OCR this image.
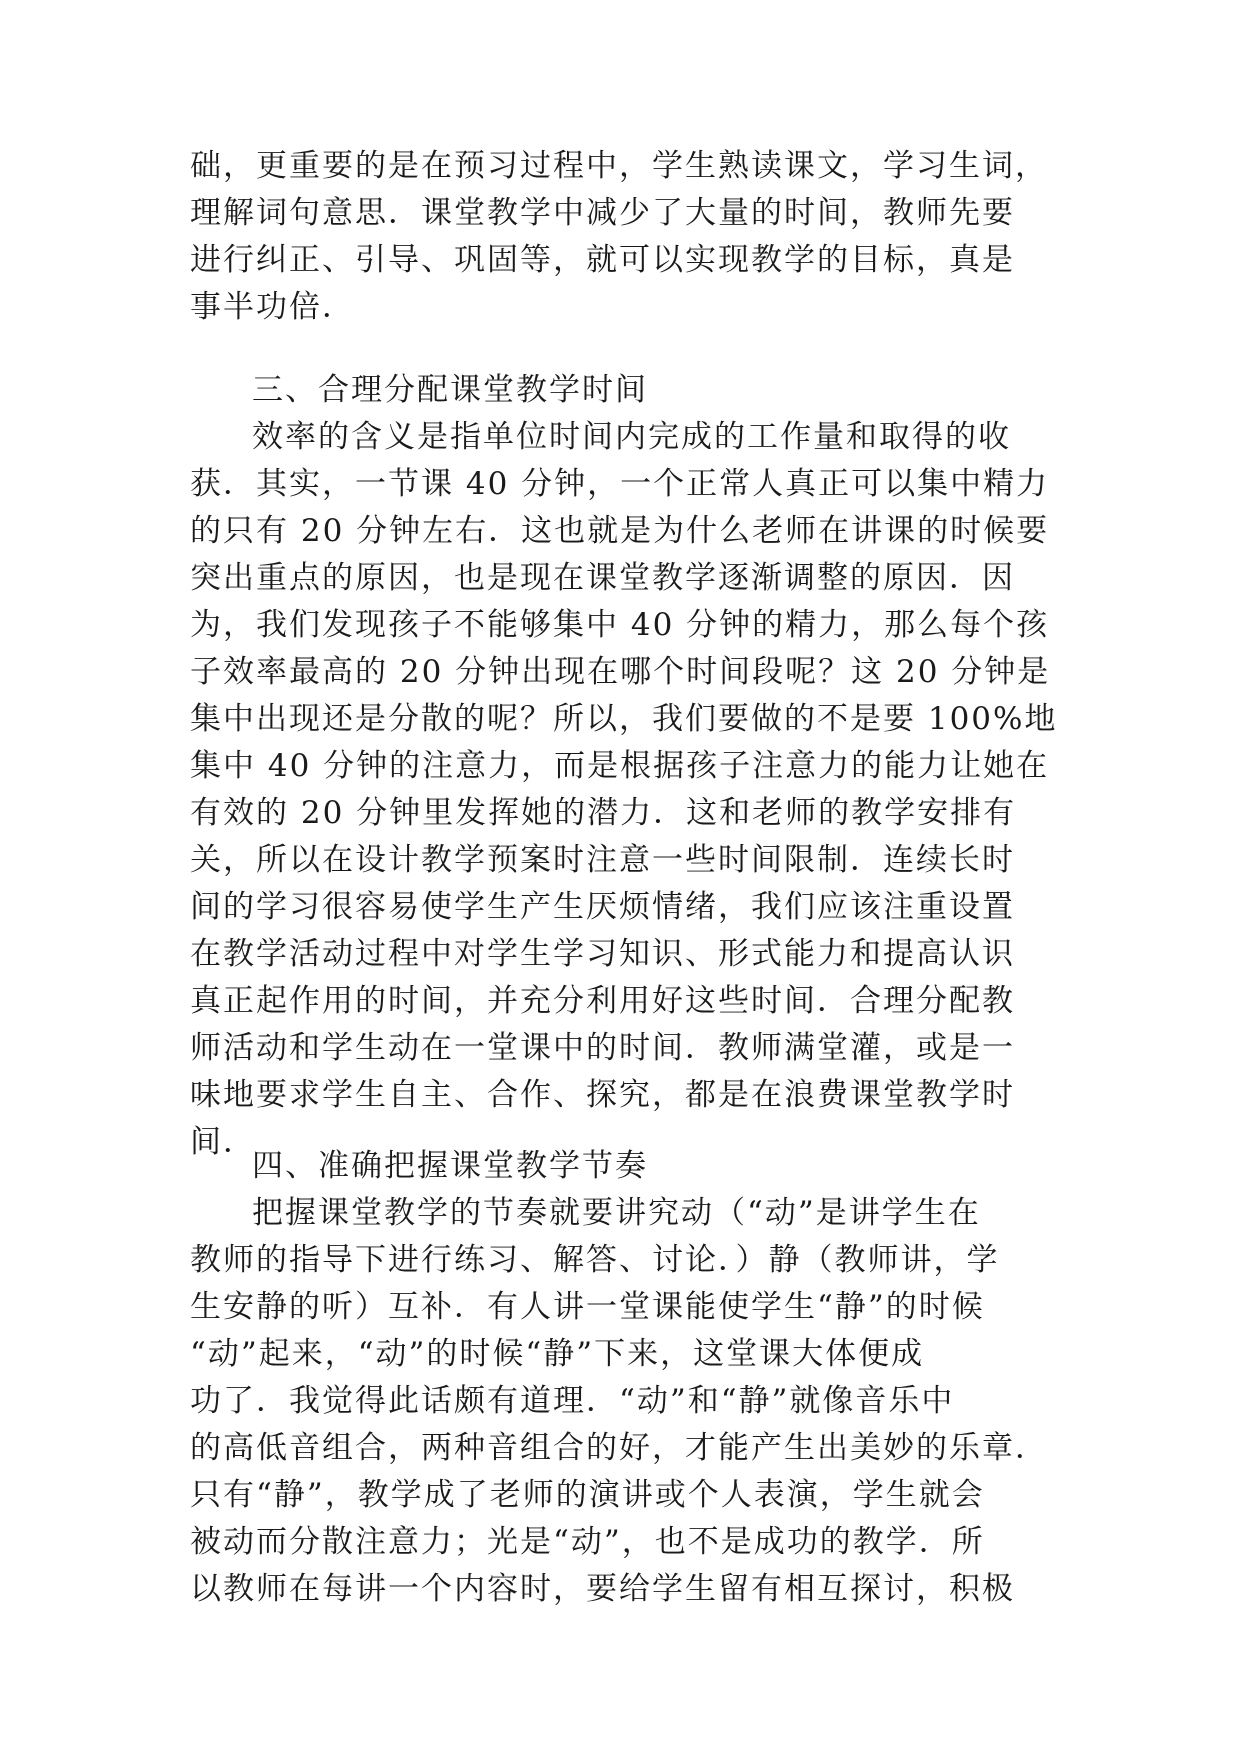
础，更重要的是在预习过程中，学生熟读课文，学习生词，
理解词句意思．课堂教学中减少了大量的时间，教师先要
进行纠正、引导、巩固等，就可以实现教学的目标，真是
事半功倍．
三、合理分配课堂教学时间
效率的含义是指单位时间内完成的工作量和取得的收
获．其实，一节课 40 分钟，一个正常人真正可以集中精力
的只有 20 分钟左右．这也就是为什么老师在讲课的时候要
突出重点的原因，也是现在课堂教学逐渐调整的原因．因
为，我们发现孩子不能够集中 40 分钟的精力，那么每个孩
子效率最高的 20 分钟出现在哪个时间段呢？这 20 分钟是
集中出现还是分散的呢？所以，我们要做的不是要 100%地
集中 40 分钟的注意力，而是根据孩子注意力的能力让她在
有效的 20 分钟里发挥她的潜力．这和老师的教学安排有
关，所以在设计教学预案时注意一些时间限制．连续长时
间的学习很容易使学生产生厌烦情绪，我们应该注重设置
在教学活动过程中对学生学习知识、形式能力和提高认识
真正起作用的时间，并充分利用好这些时间．合理分配教
师活动和学生动在一堂课中的时间．教师满堂灌，或是一
味地要求学生自主、合作、探究，都是在浪费课堂教学时
间．
四、准确把握课堂教学节奏
把握课堂教学的节奏就要讲究动（“动”是讲学生在
教师的指导下进行练习、解答、讨论．）静（教师讲，学
生安静的听）互补．有人讲一堂课能使学生“静”的时候
“动”起来，“动”的时候“静”下来，这堂课大体便成
功了．我觉得此话颇有道理．“动”和“静”就像音乐中
的高低音组合，两种音组合的好，才能产生出美妙的乐章．
只有“静”，教学成了老师的演讲或个人表演，学生就会
被动而分散注意力；光是“动”，也不是成功的教学．所
以教师在每讲一个内容时，要给学生留有相互探讨，积极
